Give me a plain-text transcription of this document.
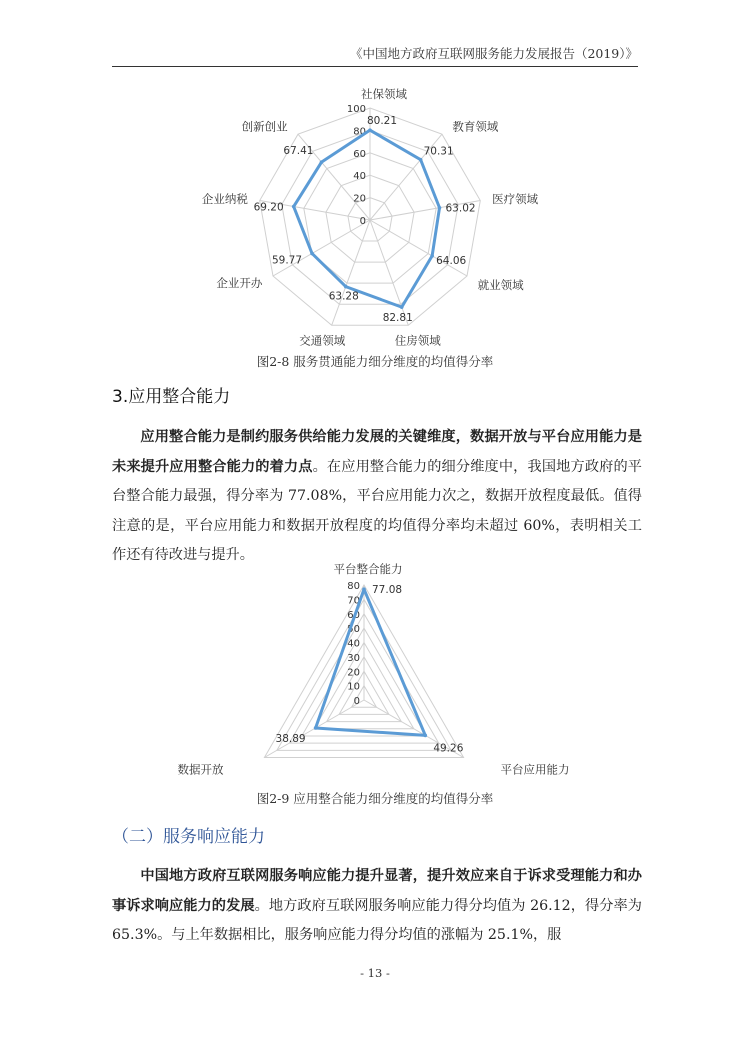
《中国地方政府互联网服务能力发展报告（2019）》
0
20
40
60
80
100
80.21
70.31
63.02
64.06
82.81
63.28
59.77
69.20
67.41
社保领域
教育领域
医疗领域
就业领域
住房领域
交通领域
企业开办
企业纳税
创新创业
图2-8 服务贯通能力细分维度的均值得分率
3.应用整合能力
应用整合能力是制约服务供给能力发展的关键维度，数据开放与平台应用能力是未来提升应用整合能力的着力点。在应用整合能力的细分维度中，我国地方政府的平台整合能力最强，得分率为 77.08%，平台应用能力次之，数据开放程度最低。值得注意的是，平台应用能力和数据开放程度的均值得分率均未超过 60%，表明相关工作还有待改进与提升。
0
10
20
30
40
50
60
70
80 77.08
49.26
38.89
平台整合能力
平台应用能力
数据开放
图2-9 应用整合能力细分维度的均值得分率
（二）服务响应能力
中国地方政府互联网服务响应能力提升显著，提升效应来自于诉求受理能力和办事诉求响应能力的发展。地方政府互联网服务响应能力得分均值为 26.12，得分率为 65.3%。与上年数据相比，服务响应能力得分均值的涨幅为 25.1%，服
- 13 -
